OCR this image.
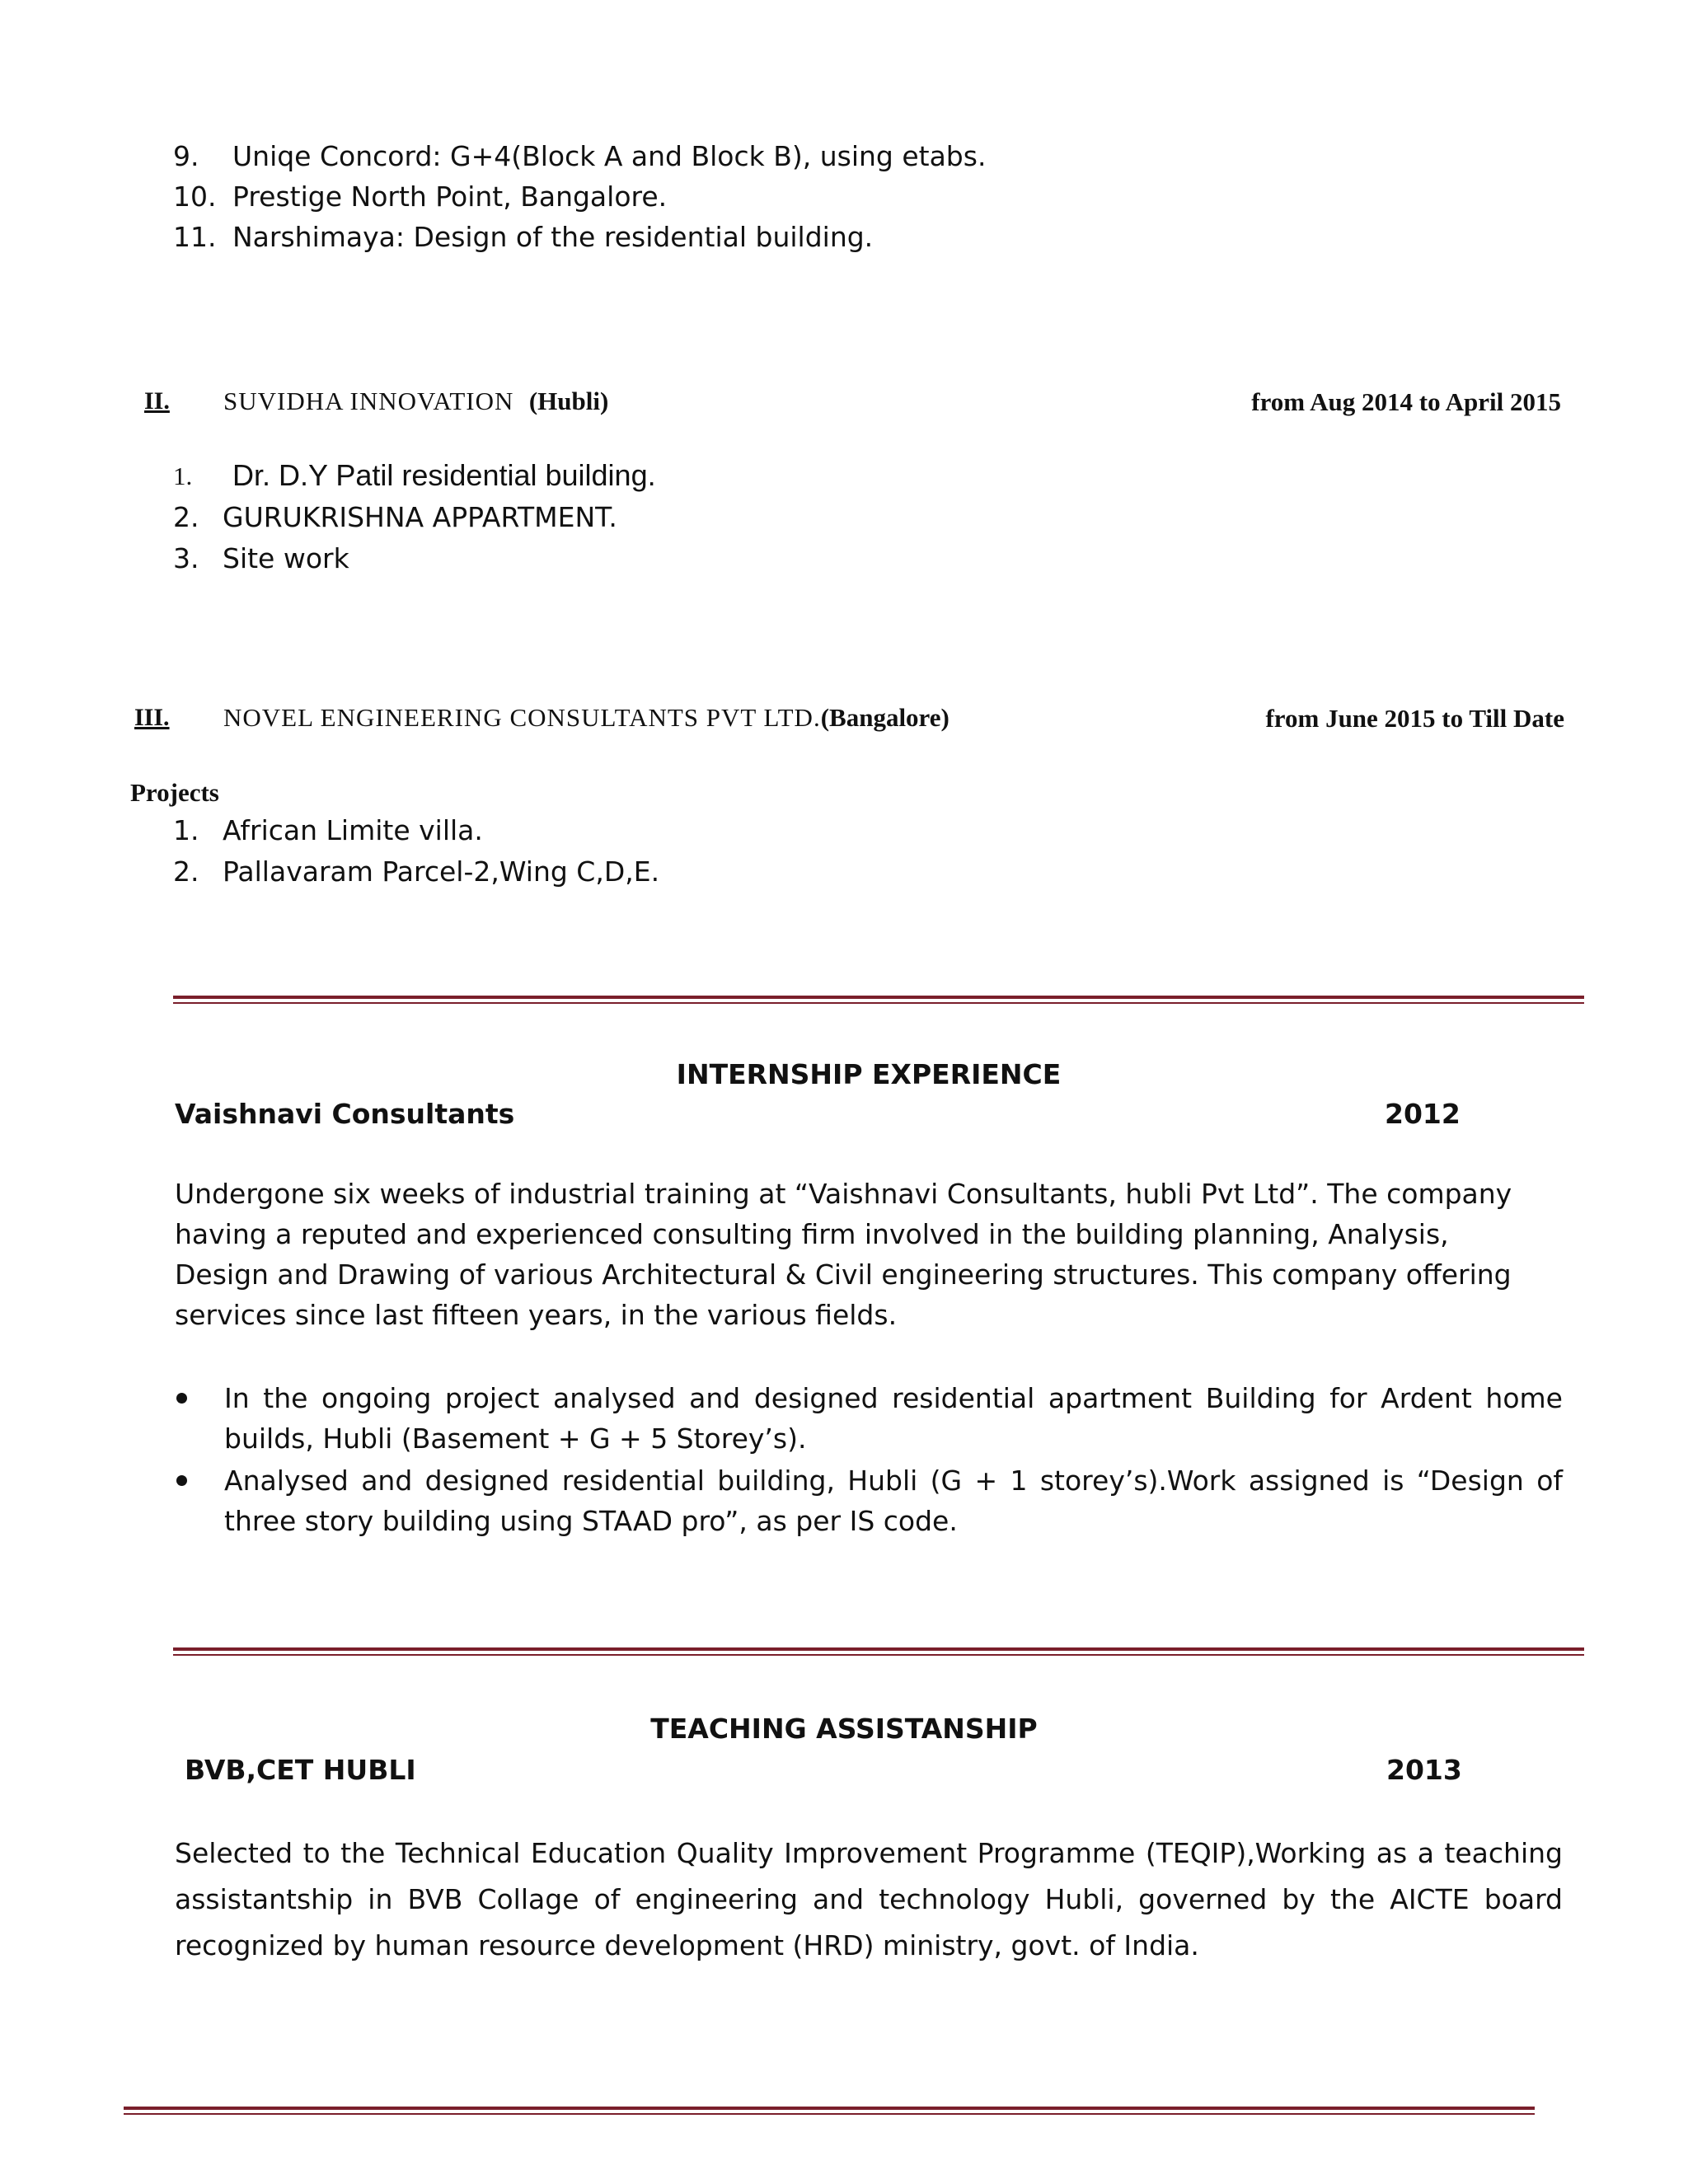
9. Uniqe Concord: G+4(Block A and Block B), using etabs.
10. Prestige North Point, Bangalore.
11. Narshimaya: Design of the residential building.
II. SUVIDHA INNOVATION (Hubli)	from Aug 2014 to April 2015
1. Dr. D.Y Patil residential building.
2. GURUKRISHNA APPARTMENT.
3. Site work
III. NOVEL ENGINEERING CONSULTANTS PVT LTD.(Bangalore)	from June 2015 to Till Date
Projects
1. African Limite villa.
2. Pallavaram Parcel-2,Wing C,D,E.
INTERNSHIP EXPERIENCE
Vaishnavi Consultants	2012
Undergone six weeks of industrial training at “Vaishnavi Consultants, hubli Pvt Ltd”. The company having a reputed and experienced consulting firm involved in the building planning, Analysis, Design and Drawing of various Architectural & Civil engineering structures. This company offering services since last fifteen years, in the various fields.
In the ongoing project analysed and designed residential apartment Building for Ardent home builds, Hubli (Basement + G + 5 Storey’s).
Analysed and designed residential building, Hubli (G + 1 storey’s).Work assigned is “Design of three story building using STAAD pro”, as per IS code.
TEACHING ASSISTANSHIP
BVB,CET HUBLI	2013
Selected to the Technical Education Quality Improvement Programme (TEQIP),Working as a teaching assistantship in BVB Collage of engineering and technology Hubli, governed by the AICTE board recognized by human resource development (HRD) ministry, govt. of India.
